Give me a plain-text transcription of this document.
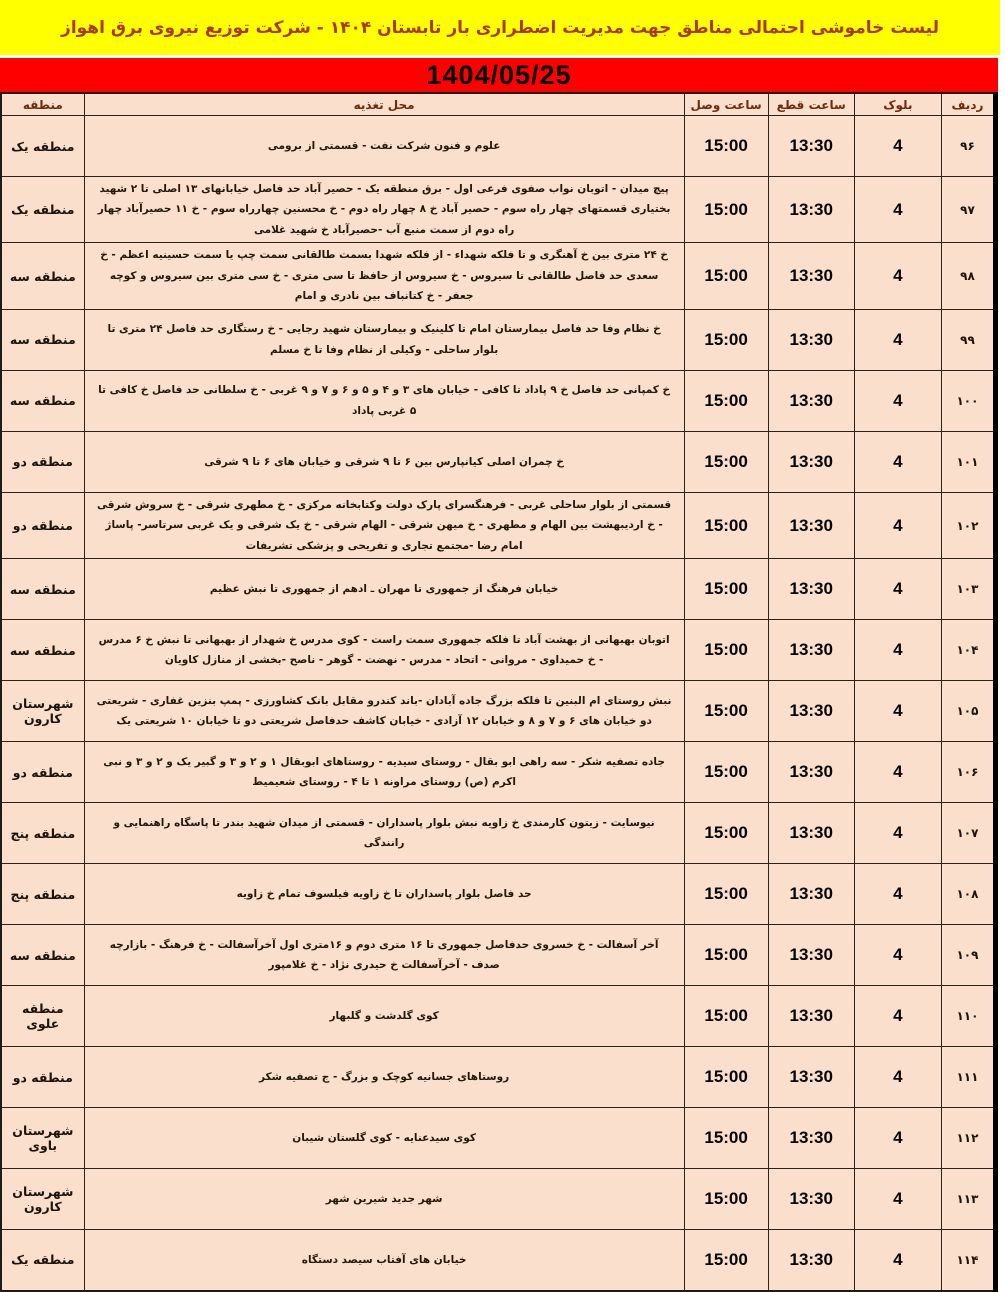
لیست خاموشی احتمالی مناطق جهت مدیریت اضطراری بار تابستان ۱۴۰۴ - شرکت توزیع نیروی برق اهواز
1404/05/25
ردیف	بلوک	ساعت قطع	ساعت وصل	محل تغذیه	منطقه
۹۶	4	13:30	15:00	علوم و فنون شرکت نفت - قسمتی از برومی	منطقه یک
۹۷	4	13:30	15:00	پیچ میدان - اتوبان نواب صفوی فرعی اول - برق منطقه یک - حصیر آباد حد فاصل خیابانهای ۱۳ اصلی تا ۲ شهید بختیاری قسمتهای چهار راه سوم - حصیر آباد خ ۸ چهار راه دوم - خ محسنین چهارراه سوم - خ ۱۱ حصیرآباد چهار راه دوم از سمت منبع آب -حصیرآباد خ شهید غلامی	منطقه یک
۹۸	4	13:30	15:00	خ ۲۴ متری بین خ آهنگری و تا فلکه شهداء - از فلکه شهدا بسمت طالقانی سمت چپ یا سمت حسینیه اعظم - خ سعدی حد فاصل طالقانی تا سیروس - خ سیروس از حافظ تا سی متری - خ سی متری بین سیروس و کوچه جعفر - خ کتانباف بین نادری و امام	منطقه سه
۹۹	4	13:30	15:00	خ نظام وفا حد فاصل بیمارستان امام تا کلینیک و بیمارستان شهید رجایی - خ رستگاری حد فاصل ۲۴ متری تا بلوار ساحلی - وکیلی از نظام وفا تا خ مسلم	منطقه سه
۱۰۰	4	13:30	15:00	خ کمپانی حد فاصل خ ۹ پاداد تا کافی - خیابان های ۳ و ۴ و ۵ و ۶ و ۷ و ۹ غربی - خ سلطانی حد فاصل خ کافی تا ۵ غربی پاداد	منطقه سه
۱۰۱	4	13:30	15:00	خ چمران اصلی کیانپارس بین ۶ تا ۹ شرقی و خیابان های ۶ تا ۹ شرقی	منطقه دو
۱۰۲	4	13:30	15:00	قسمتی از بلوار ساحلی غربی - فرهنگسرای پارک دولت وکتابخانه مرکزی - خ مطهری شرقی - خ سروش شرقی - خ اردیبهشت بین الهام و مطهری - خ میهن شرقی - الهام شرقی - خ یک شرقی و یک غربی سرتاسر- پاساژ امام رضا -مجتمع تجاری و تفریحی و پزشکی تشریفات	منطقه دو
۱۰۳	4	13:30	15:00	خیابان فرهنگ از جمهوری تا مهران ـ ادهم از جمهوری تا نبش عظیم	منطقه سه
۱۰۴	4	13:30	15:00	اتوبان بهبهانی از بهشت آباد تا فلکه جمهوری سمت راست - کوی مدرس خ شهدار از بهبهانی تا نبش خ ۶ مدرس - خ حمیداوی - مروانی - اتحاد - مدرس - نهضت - گوهر - ناصح -بخشی از منازل کاویان	منطقه سه
۱۰۵	4	13:30	15:00	نبش روستای ام البنین تا فلکه بزرگ جاده آبادان -باند کندرو مقابل بانک کشاورزی - پمپ بنزین غفاری - شریعتی دو خیابان های ۶ و ۷ و ۸ و خیابان ۱۲ آزادی - خیابان کاشف حدفاصل شریعتی دو تا خیابان ۱۰ شریعتی یک	شهرستان کارون
۱۰۶	4	13:30	15:00	جاده تصفیه شکر - سه راهی ابو بقال - روستای سیدیه - روستاهای ابوبقال ۱ و ۲ و ۳ و گبیر یک و ۲ و ۳ و نبی اکرم (ص) روستای مراونه ۱ تا ۴ - روستای شعیمیط	منطقه دو
۱۰۷	4	13:30	15:00	نیوسایت - زیتون کارمندی خ زاویه نبش بلوار پاسداران - قسمتی از میدان شهید بندر تا پاسگاه راهنمایی و رانندگی	منطقه پنج
۱۰۸	4	13:30	15:00	حد فاصل بلوار پاسداران تا خ زاویه فیلسوف تمام خ زاویه	منطقه پنج
۱۰۹	4	13:30	15:00	آخر آسفالت - خ خسروی حدفاصل جمهوری تا ۱۶ متری دوم و ۱۶متری اول آخرآسفالت - خ فرهنگ - بازارچه صدف - آخرآسفالت خ حیدری نژاد - خ غلامپور	منطقه سه
۱۱۰	4	13:30	15:00	کوی گلدشت و گلبهار	منطقه علوی
۱۱۱	4	13:30	15:00	روستاهای جسانیه کوچک و بزرگ - ج تصفیه شکر	منطقه دو
۱۱۲	4	13:30	15:00	کوی سیدعنایه - کوی گلستان شیبان	شهرستان باوی
۱۱۳	4	13:30	15:00	شهر جدید شیرین شهر	شهرستان کارون
۱۱۴	4	13:30	15:00	خیابان های آفتاب سیصد دستگاه	منطقه یک
